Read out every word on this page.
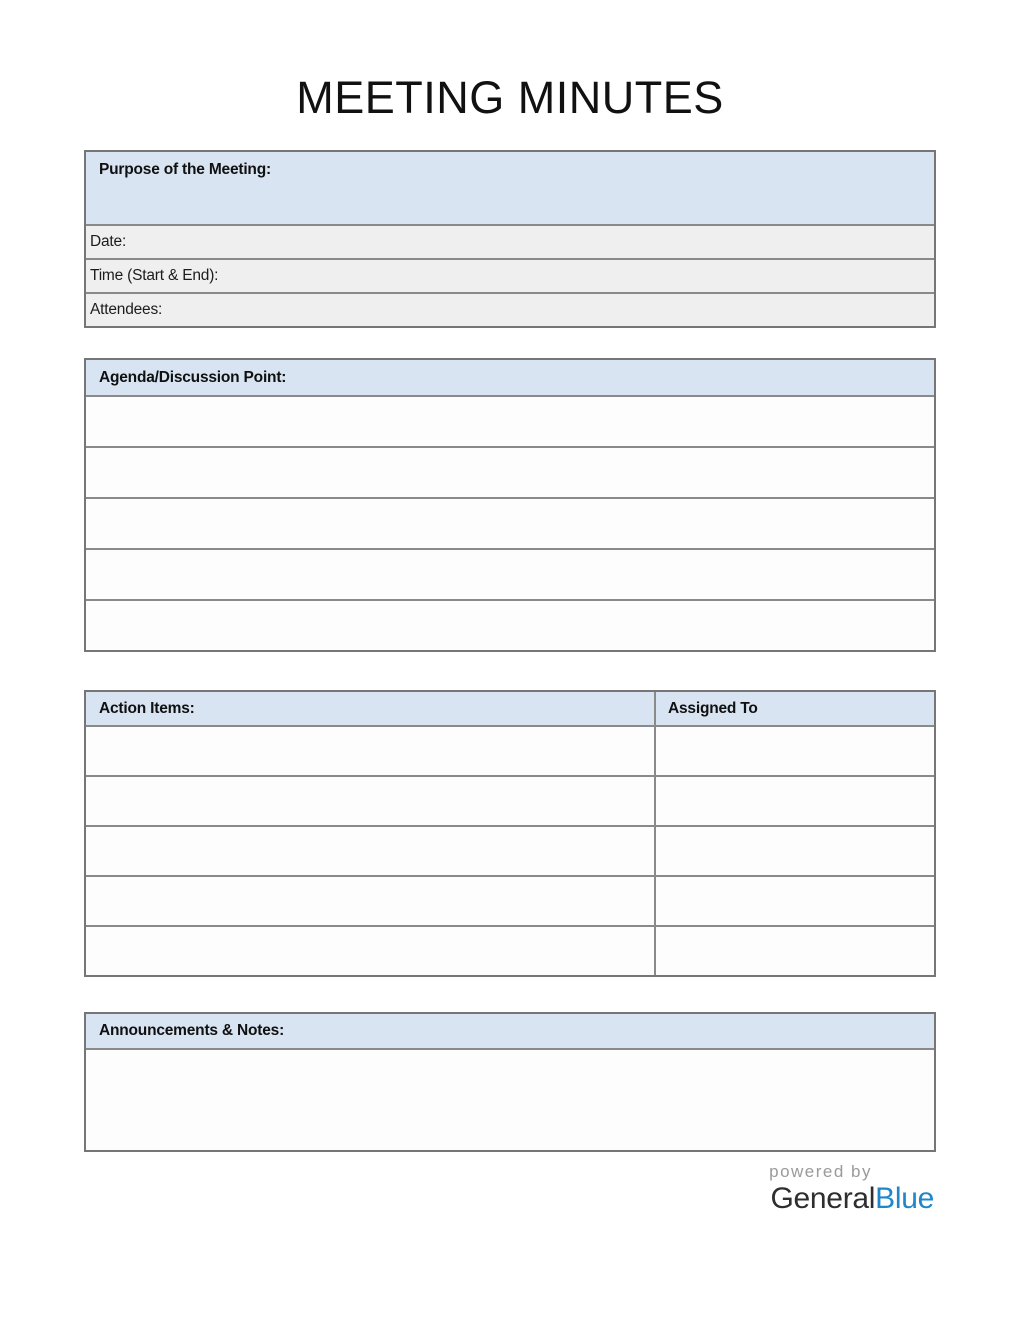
MEETING MINUTES
Purpose of the Meeting:
Date:
Time (Start & End):
Attendees:
Agenda/Discussion Point:
Action Items:	Assigned To
Announcements & Notes:
powered by
GeneralBlue
